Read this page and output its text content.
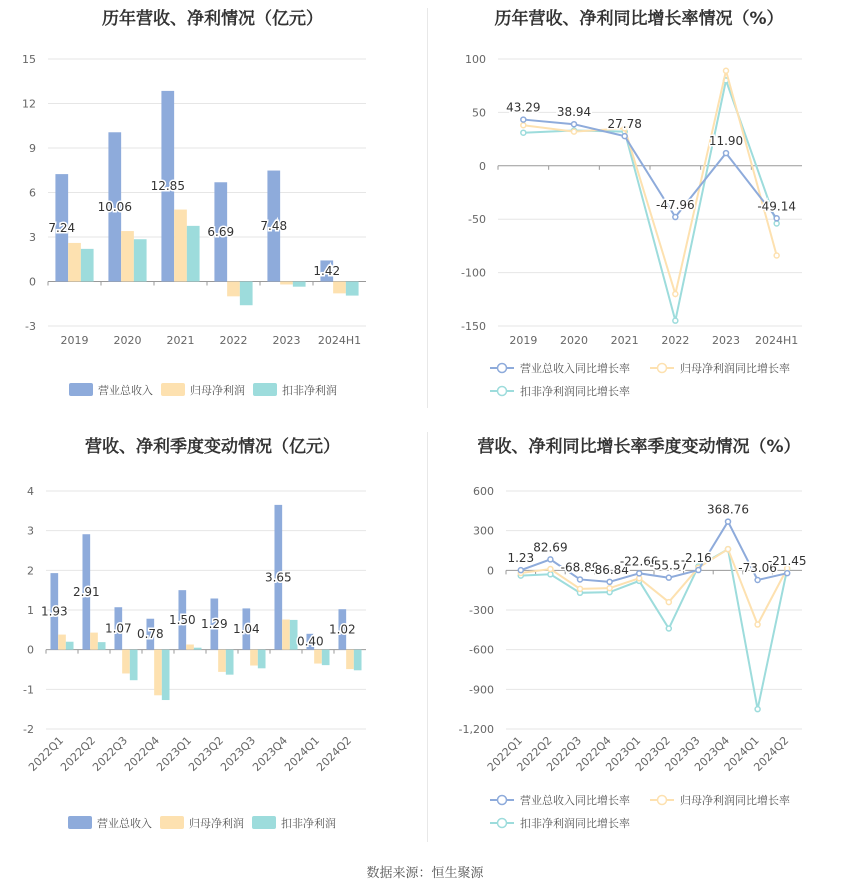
历年营收、净利情况（亿元）
-3
0
3
6
9
12
15
2019 2020 2021 2022 2023 2024H1
7.24
10.06
12.85
6.69 7.48
1.42
营业总收入	归母净利润	扣非净利润
历年营收、净利同比增长率情况（%）
-150
-100
-50
0
50
100
2019 2020 2021 2022 2023 2024H1
43.29 38.94
27.78
-47.96
11.90
-49.14
营业总收入同比增长率	归母净利润同比增长率
扣非净利润同比增长率
营收、净利季度变动情况（亿元）
-2
-1
0
1
2
3
4
2022Q1
2022Q2
2022Q3
2022Q4
2023Q1
2023Q2
2023Q3
2023Q4
2024Q1
2024Q2
1.93
2.91
1.07 0.78
1.50 1.29 1.04
3.65
0.40
1.02
营业总收入	归母净利润	扣非净利润
营收、净利同比增长率季度变动情况（%）
-1,200
-900
-600
-300
0
300
600
2022Q1
2022Q2
2022Q3
2022Q4
2023Q1
2023Q2
2023Q3
2023Q4
2024Q1
2024Q2
1.23
82.69
-68.89
-86.84
-22.66
-55.57
2.16
368.76
-73.06
-21.45
营业总收入同比增长率	归母净利润同比增长率
扣非净利润同比增长率
数据来源：恒生聚源
